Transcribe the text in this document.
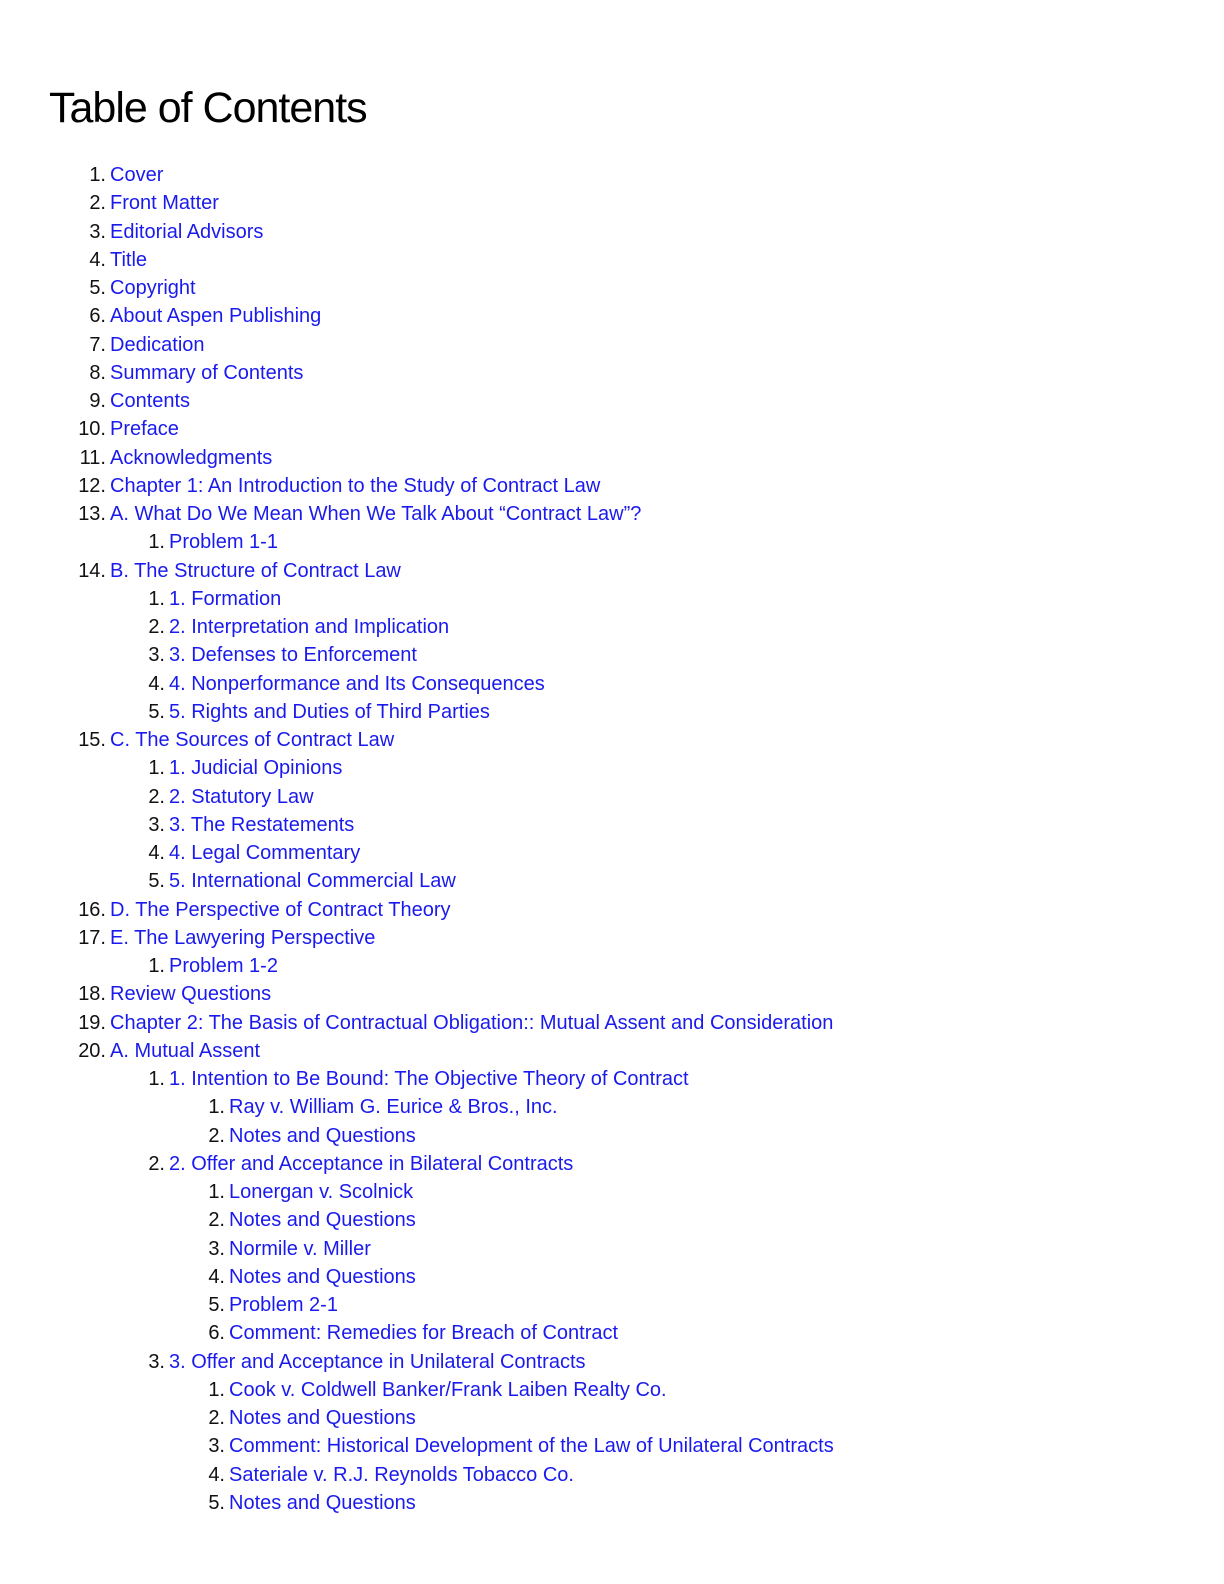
Table of Contents
1. Cover
2. Front Matter
3. Editorial Advisors
4. Title
5. Copyright
6. About Aspen Publishing
7. Dedication
8. Summary of Contents
9. Contents
10. Preface
11. Acknowledgments
12. Chapter 1: An Introduction to the Study of Contract Law
13. A. What Do We Mean When We Talk About “Contract Law”?
1. Problem 1-1
14. B. The Structure of Contract Law
1. 1. Formation
2. 2. Interpretation and Implication
3. 3. Defenses to Enforcement
4. 4. Nonperformance and Its Consequences
5. 5. Rights and Duties of Third Parties
15. C. The Sources of Contract Law
1. 1. Judicial Opinions
2. 2. Statutory Law
3. 3. The Restatements
4. 4. Legal Commentary
5. 5. International Commercial Law
16. D. The Perspective of Contract Theory
17. E. The Lawyering Perspective
1. Problem 1-2
18. Review Questions
19. Chapter 2: The Basis of Contractual Obligation:: Mutual Assent and Consideration
20. A. Mutual Assent
1. 1. Intention to Be Bound: The Objective Theory of Contract
1. Ray v. William G. Eurice & Bros., Inc.
2. Notes and Questions
2. 2. Offer and Acceptance in Bilateral Contracts
1. Lonergan v. Scolnick
2. Notes and Questions
3. Normile v. Miller
4. Notes and Questions
5. Problem 2-1
6. Comment: Remedies for Breach of Contract
3. 3. Offer and Acceptance in Unilateral Contracts
1. Cook v. Coldwell Banker/Frank Laiben Realty Co.
2. Notes and Questions
3. Comment: Historical Development of the Law of Unilateral Contracts
4. Sateriale v. R.J. Reynolds Tobacco Co.
5. Notes and Questions
